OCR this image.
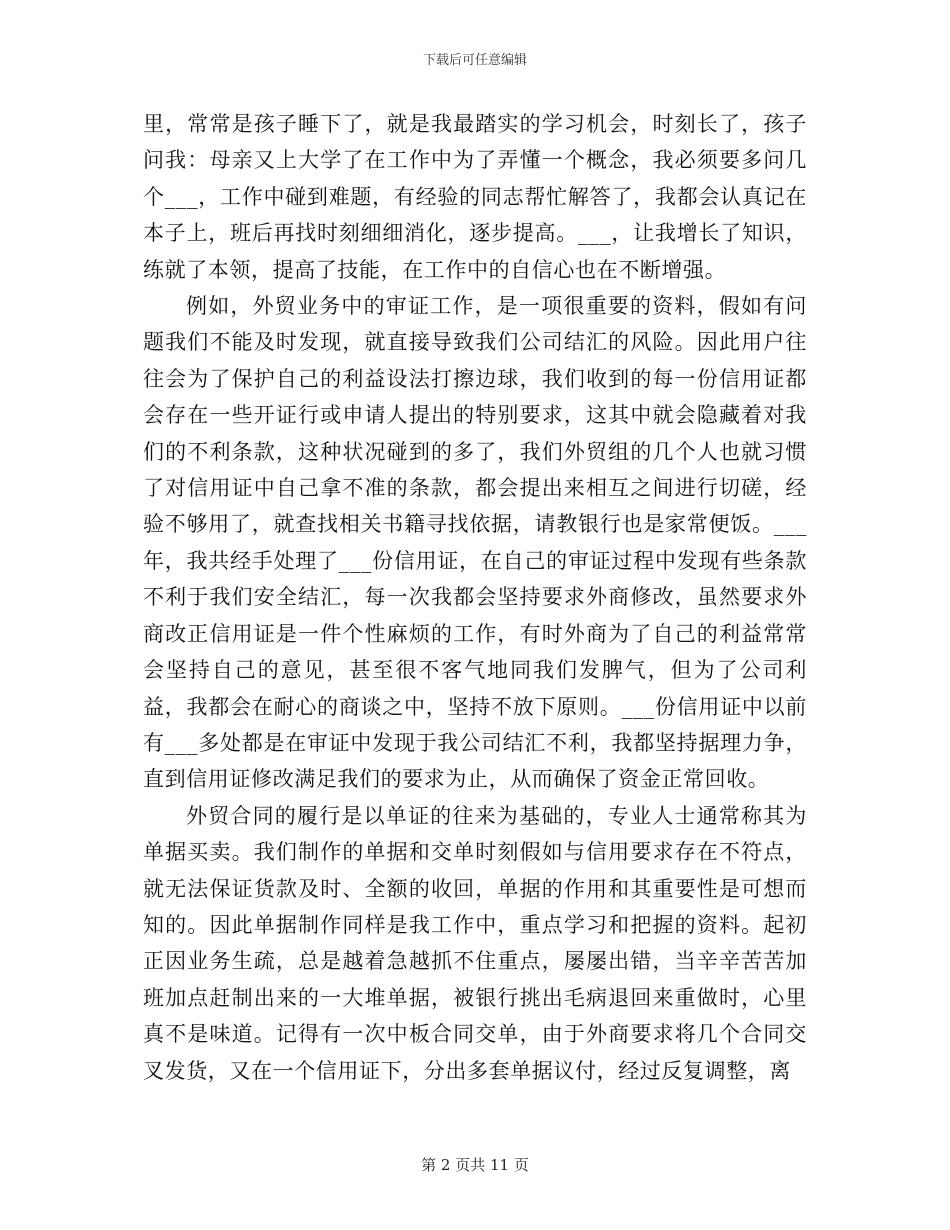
下载后可任意编辑

里，常常是孩子睡下了，就是我最踏实的学习机会，时刻长了，孩子问我：母亲又上大学了在工作中为了弄懂一个概念，我必须要多问几个___，工作中碰到难题，有经验的同志帮忙解答了，我都会认真记在本子上，班后再找时刻细细消化，逐步提高。___，让我增长了知识，练就了本领，提高了技能，在工作中的自信心也在不断增强。

例如，外贸业务中的审证工作，是一项很重要的资料，假如有问题我们不能及时发现，就直接导致我们公司结汇的风险。因此用户往往会为了保护自己的利益设法打擦边球，我们收到的每一份信用证都会存在一些开证行或申请人提出的特别要求，这其中就会隐藏着对我们的不利条款，这种状况碰到的多了，我们外贸组的几个人也就习惯了对信用证中自己拿不准的条款，都会提出来相互之间进行切磋，经验不够用了，就查找相关书籍寻找依据，请教银行也是家常便饭。___年，我共经手处理了___份信用证，在自己的审证过程中发现有些条款不利于我们安全结汇，每一次我都会坚持要求外商修改，虽然要求外商改正信用证是一件个性麻烦的工作，有时外商为了自己的利益常常会坚持自己的意见，甚至很不客气地同我们发脾气，但为了公司利益，我都会在耐心的商谈之中，坚持不放下原则。___份信用证中以前有___多处都是在审证中发现于我公司结汇不利，我都坚持据理力争，直到信用证修改满足我们的要求为止，从而确保了资金正常回收。

外贸合同的履行是以单证的往来为基础的，专业人士通常称其为单据买卖。我们制作的单据和交单时刻假如与信用要求存在不符点，就无法保证货款及时、全额的收回，单据的作用和其重要性是可想而知的。因此单据制作同样是我工作中，重点学习和把握的资料。起初正因业务生疏，总是越着急越抓不住重点，屡屡出错，当辛辛苦苦加班加点赶制出来的一大堆单据，被银行挑出毛病退回来重做时，心里真不是味道。记得有一次中板合同交单，由于外商要求将几个合同交叉发货，又在一个信用证下，分出多套单据议付，经过反复调整，离

第 2 页共 11 页
